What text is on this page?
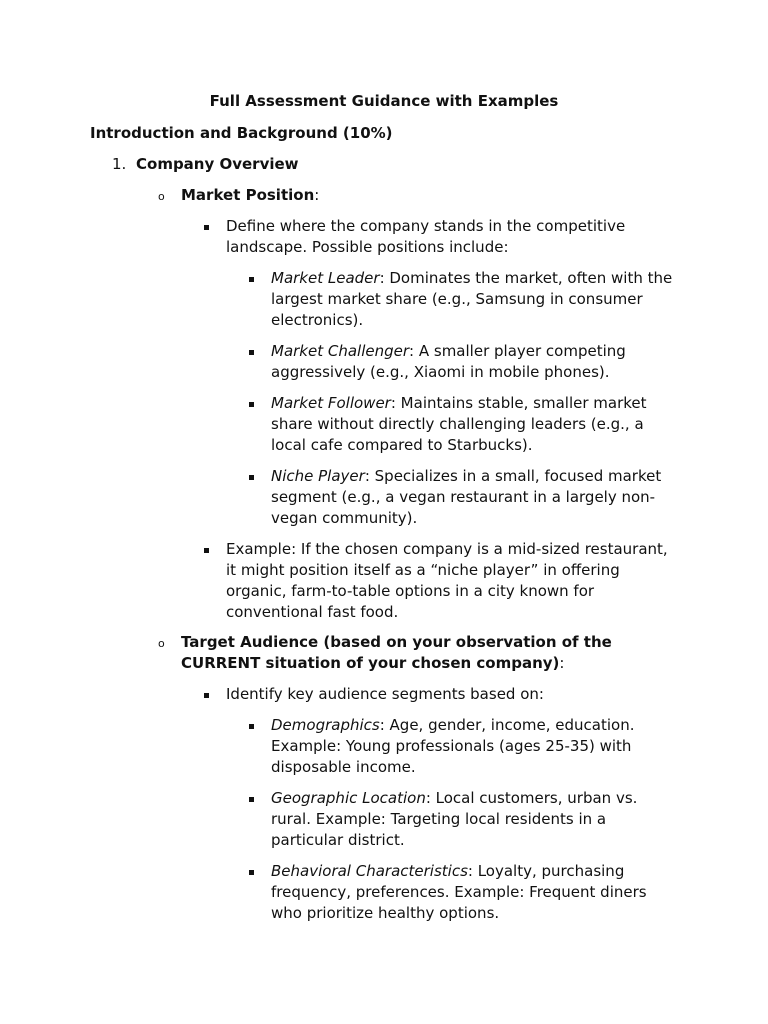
Full Assessment Guidance with Examples
Introduction and Background (10%)
1. Company Overview
o Market Position:
Define where the company stands in the competitive
landscape. Possible positions include:
Market Leader: Dominates the market, often with the
largest market share (e.g., Samsung in consumer
electronics).
Market Challenger: A smaller player competing
aggressively (e.g., Xiaomi in mobile phones).
Market Follower: Maintains stable, smaller market
share without directly challenging leaders (e.g., a
local cafe compared to Starbucks).
Niche Player: Specializes in a small, focused market
segment (e.g., a vegan restaurant in a largely non-
vegan community).
Example: If the chosen company is a mid-sized restaurant,
it might position itself as a “niche player” in offering
organic, farm-to-table options in a city known for
conventional fast food.
o Target Audience (based on your observation of the
CURRENT situation of your chosen company):
Identify key audience segments based on:
Demographics: Age, gender, income, education.
Example: Young professionals (ages 25-35) with
disposable income.
Geographic Location: Local customers, urban vs.
rural. Example: Targeting local residents in a
particular district.
Behavioral Characteristics: Loyalty, purchasing
frequency, preferences. Example: Frequent diners
who prioritize healthy options.
